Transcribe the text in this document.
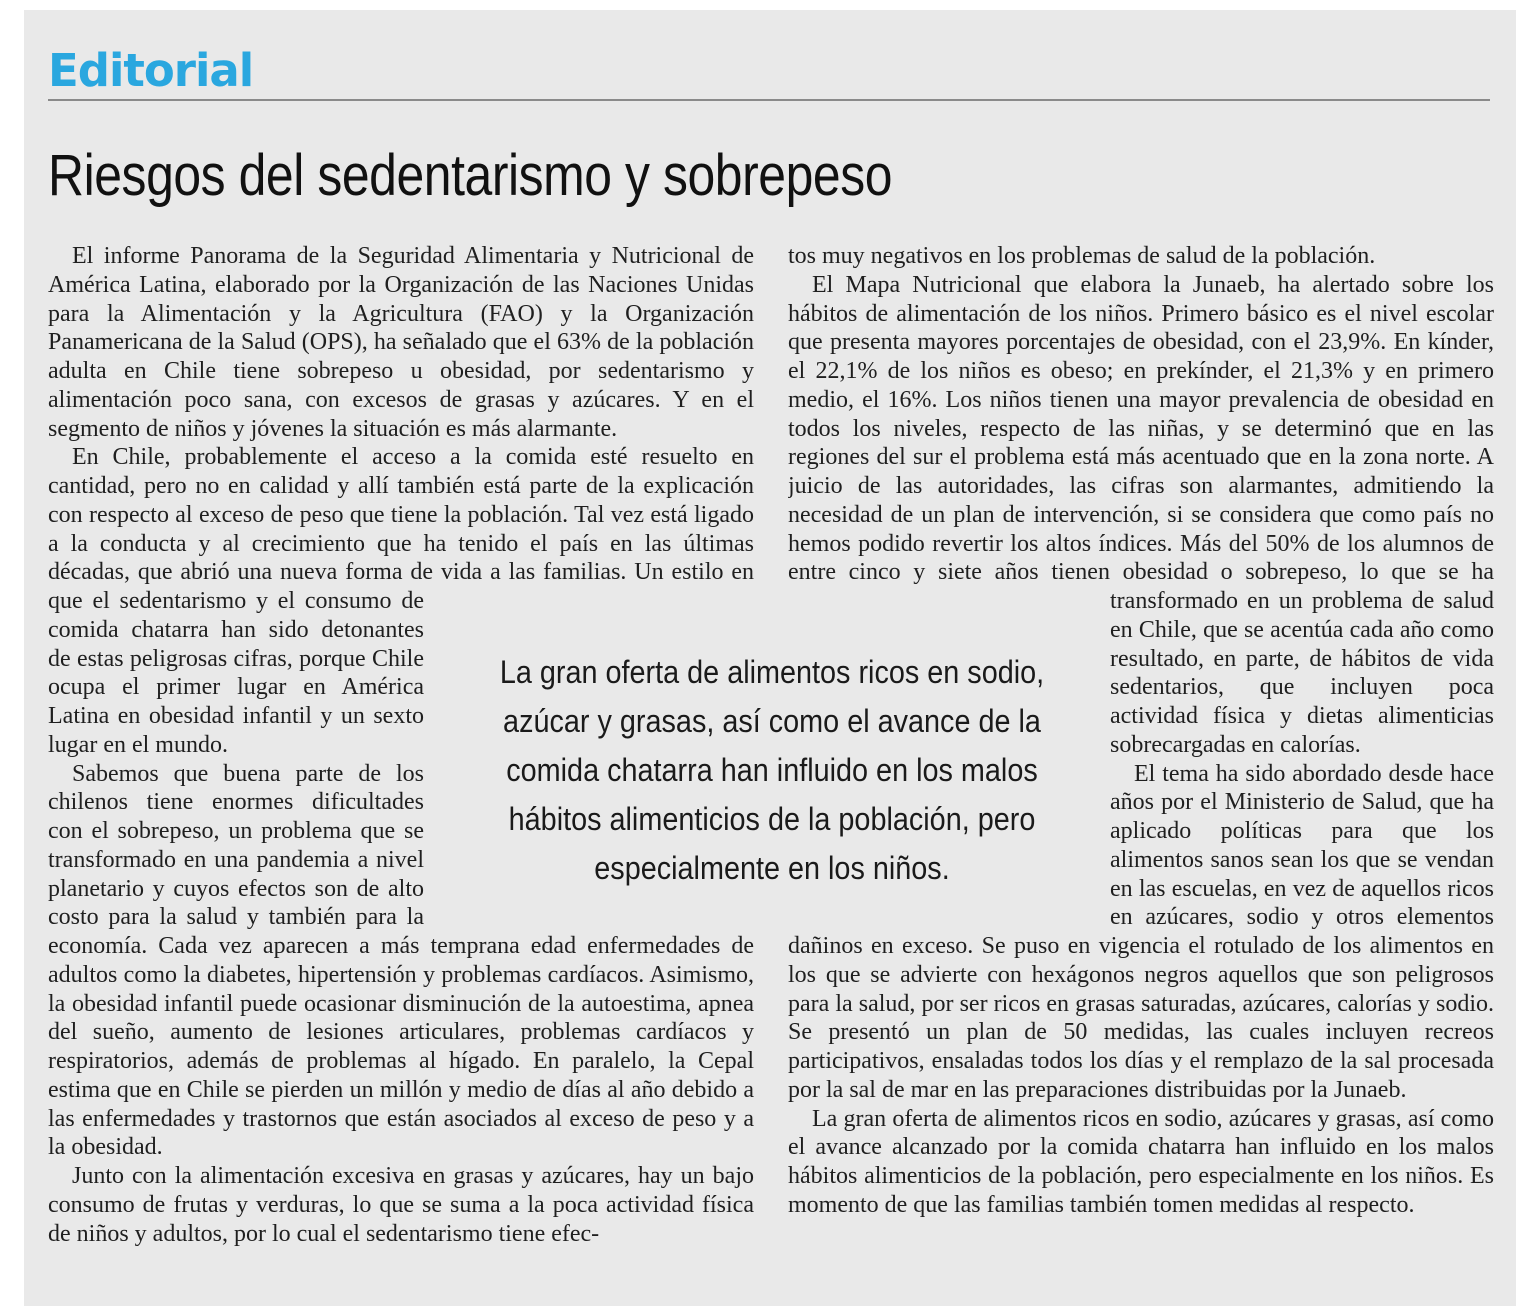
Editorial
Riesgos del sedentarismo y sobrepeso

El informe Panorama de la Seguridad Alimentaria y Nutricional de América Latina, elaborado por la Organización de las Naciones Unidas para la Alimentación y la Agricultura (FAO) y la Organización Panamericana de la Salud (OPS), ha señalado que el 63% de la población adulta en Chile tiene sobrepeso u obesidad, por sedentarismo y alimentación poco sana, con excesos de grasas y azúcares. Y en el segmento de niños y jóvenes la situación es más alarmante.

En Chile, probablemente el acceso a la comida esté resuelto en cantidad, pero no en calidad y allí también está parte de la explicación con respecto al exceso de peso que tiene la población. Tal vez está ligado a la conducta y al crecimiento que ha tenido el país en las últimas décadas, que abrió una nueva forma de vida a las familias. Un estilo en que el sedentarismo y el consumo de comida chatarra han sido detonantes de estas peligrosas cifras, porque Chile ocupa el primer lugar en América Latina en obesidad infantil y un sexto lugar en el mundo.

Sabemos que buena parte de los chilenos tiene enormes dificultades con el sobrepeso, un problema que se transformado en una pandemia a nivel planetario y cuyos efectos son de alto costo para la salud y también para la economía. Cada vez aparecen a más temprana edad enfermedades de adultos como la diabetes, hipertensión y problemas cardíacos. Asimismo, la obesidad infantil puede ocasionar disminución de la autoestima, apnea del sueño, aumento de lesiones articulares, problemas cardíacos y respiratorios, además de problemas al hígado. En paralelo, la Cepal estima que en Chile se pierden un millón y medio de días al año debido a las enfermedades y trastornos que están asociados al exceso de peso y a la obesidad.

Junto con la alimentación excesiva en grasas y azúcares, hay un bajo consumo de frutas y verduras, lo que se suma a la poca actividad física de niños y adultos, por lo cual el sedentarismo tiene efec-

tos muy negativos en los problemas de salud de la población.

El Mapa Nutricional que elabora la Junaeb, ha alertado sobre los hábitos de alimentación de los niños. Primero básico es el nivel escolar que presenta mayores porcentajes de obesidad, con el 23,9%. En kínder, el 22,1% de los niños es obeso; en prekínder, el 21,3% y en primero medio, el 16%. Los niños tienen una mayor prevalencia de obesidad en todos los niveles, respecto de las niñas, y se determinó que en las regiones del sur el problema está más acentuado que en la zona norte. A juicio de las autoridades, las cifras son alarmantes, admitiendo la necesidad de un plan de intervención, si se considera que como país no hemos podido revertir los altos índices. Más del 50% de los alumnos de entre cinco y siete años tienen obesidad o sobrepeso, lo que se ha transformado en un problema de salud en Chile, que se acentúa cada año como resultado, en parte, de hábitos de vida sedentarios, que incluyen poca actividad física y dietas alimenticias sobrecargadas en calorías.

El tema ha sido abordado desde hace años por el Ministerio de Salud, que ha aplicado políticas para que los alimentos sanos sean los que se vendan en las escuelas, en vez de aquellos ricos en azúcares, sodio y otros elementos dañinos en exceso. Se puso en vigencia el rotulado de los alimentos en los que se advierte con hexágonos negros aquellos que son peligrosos para la salud, por ser ricos en grasas saturadas, azúcares, calorías y sodio. Se presentó un plan de 50 medidas, las cuales incluyen recreos participativos, ensaladas todos los días y el remplazo de la sal procesada por la sal de mar en las preparaciones distribuidas por la Junaeb.

La gran oferta de alimentos ricos en sodio, azúcares y grasas, así como el avance alcanzado por la comida chatarra han influido en los malos hábitos alimenticios de la población, pero especialmente en los niños. Es momento de que las familias también tomen medidas al respecto.

La gran oferta de alimentos ricos en sodio, azúcar y grasas, así como el avance de la comida chatarra han influido en los malos hábitos alimenticios de la población, pero especialmente en los niños.
